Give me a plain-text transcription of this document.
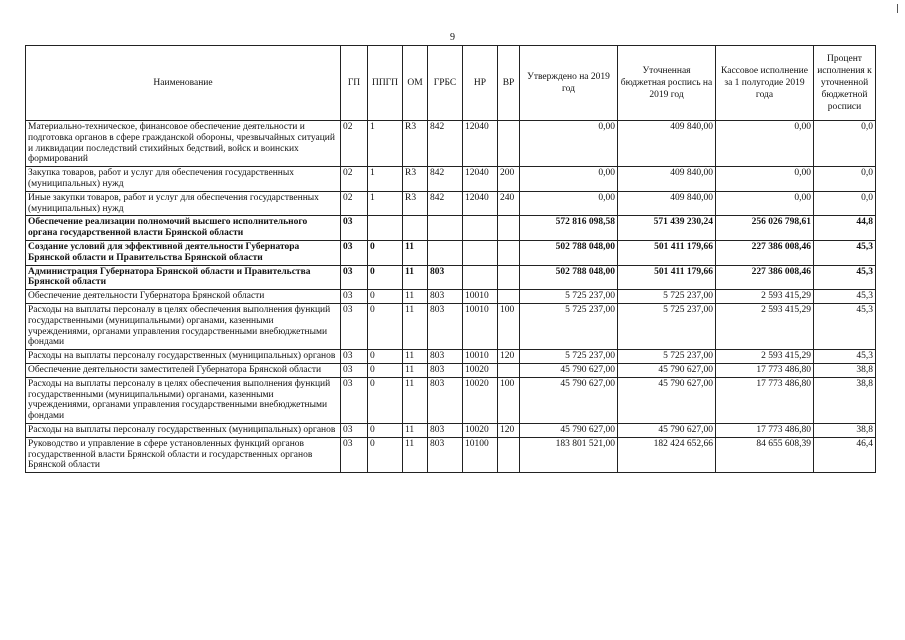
9
Наименование	ГП	ППГП	ОМ	ГРБС	НР	ВР	Утверждено на 2019 год	Уточненная бюджетная роспись на 2019 год	Кассовое исполнение за 1 полугодие 2019 года	Процент исполнения к уточненной бюджетной росписи
Материально-техническое, финансовое обеспечение деятельности и подготовка органов в сфере гражданской обороны, чрезвычайных ситуаций и ликвидации последствий стихийных бедствий, войск и воинских формирований	02	1	R3	842	12040		0,00	409 840,00	0,00	0,0
Закупка товаров, работ и услуг для обеспечения государственных (муниципальных) нужд	02	1	R3	842	12040	200	0,00	409 840,00	0,00	0,0
Иные закупки товаров, работ и услуг для обеспечения государственных (муниципальных) нужд	02	1	R3	842	12040	240	0,00	409 840,00	0,00	0,0
Обеспечение реализации полномочий высшего исполнительного органа государственной власти Брянской области	03						572 816 098,58	571 439 230,24	256 026 798,61	44,8
Создание условий для эффективной деятельности Губернатора Брянской области и Правительства Брянской области	03	0	11				502 788 048,00	501 411 179,66	227 386 008,46	45,3
Администрация Губернатора Брянской области и Правительства Брянской области	03	0	11	803			502 788 048,00	501 411 179,66	227 386 008,46	45,3
Обеспечение деятельности Губернатора Брянской области	03	0	11	803	10010		5 725 237,00	5 725 237,00	2 593 415,29	45,3
Расходы на выплаты персоналу в целях обеспечения выполнения функций государственными (муниципальными) органами, казенными учреждениями, органами управления государственными внебюджетными фондами	03	0	11	803	10010	100	5 725 237,00	5 725 237,00	2 593 415,29	45,3
Расходы на выплаты персоналу государственных (муниципальных) органов	03	0	11	803	10010	120	5 725 237,00	5 725 237,00	2 593 415,29	45,3
Обеспечение деятельности заместителей Губернатора Брянской области	03	0	11	803	10020		45 790 627,00	45 790 627,00	17 773 486,80	38,8
Расходы на выплаты персоналу в целях обеспечения выполнения функций государственными (муниципальными) органами, казенными учреждениями, органами управления государственными внебюджетными фондами	03	0	11	803	10020	100	45 790 627,00	45 790 627,00	17 773 486,80	38,8
Расходы на выплаты персоналу государственных (муниципальных) органов	03	0	11	803	10020	120	45 790 627,00	45 790 627,00	17 773 486,80	38,8
Руководство и управление в сфере установленных функций органов государственной власти Брянской области и государственных органов Брянской области	03	0	11	803	10100		183 801 521,00	182 424 652,66	84 655 608,39	46,4
